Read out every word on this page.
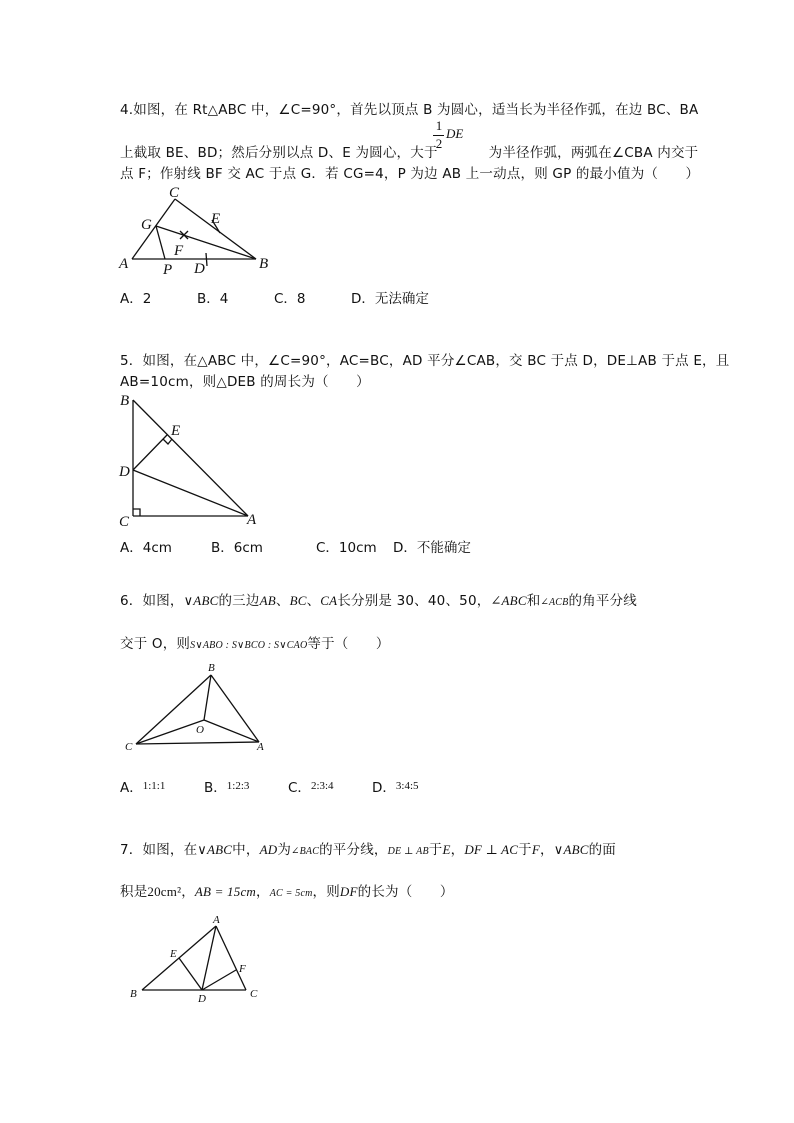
4.如图，在 Rt△ABC 中，∠C=90°，首先以顶点 B 为圆心，适当长为半径作弧，在边 BC、BA
上截取 BE、BD；然后分别以点 D、E 为圆心，大于	为半径作弧，两弧在∠CBA 内交于
1
2
DE
点 F；作射线 BF 交 AC 于点 G．若 CG=4，P 为边 AB 上一动点，则 GP 的最小值为（　　）
C
G	E
F
A P D	B
A．2	B．4	C．8	D．无法确定
5．如图，在△ABC 中，∠C=90°，AC=BC，AD 平分∠CAB，交 BC 于点 D，DE⊥AB 于点 E，且
AB=10cm，则△DEB 的周长为（　　）
B
E
D
C	A
A．4cm	B．6cm	C．10cm D．不能确定
6．如图，∨ABC的三边AB、BC、CA长分别是 30、40、50，∠ABC和∠ACB的角平分线
交于 O，则S∨ABO : S∨BCO : S∨CAO等于（　　）
B
O
C	A
A．$^{1:1:1}$	B．$^{1:2:3}$	C．$^{2:3:4}$	D．$^{3:4:5}$
7．如图，在∨ABC中，AD为∠BAC的平分线，DE ⊥ AB于E，DF ⊥ AC于F，∨ABC的面
积是20cm²，AB = 15cm，AC = 5cm，则DF的长为（　　）
A
E
F
B	D	C
